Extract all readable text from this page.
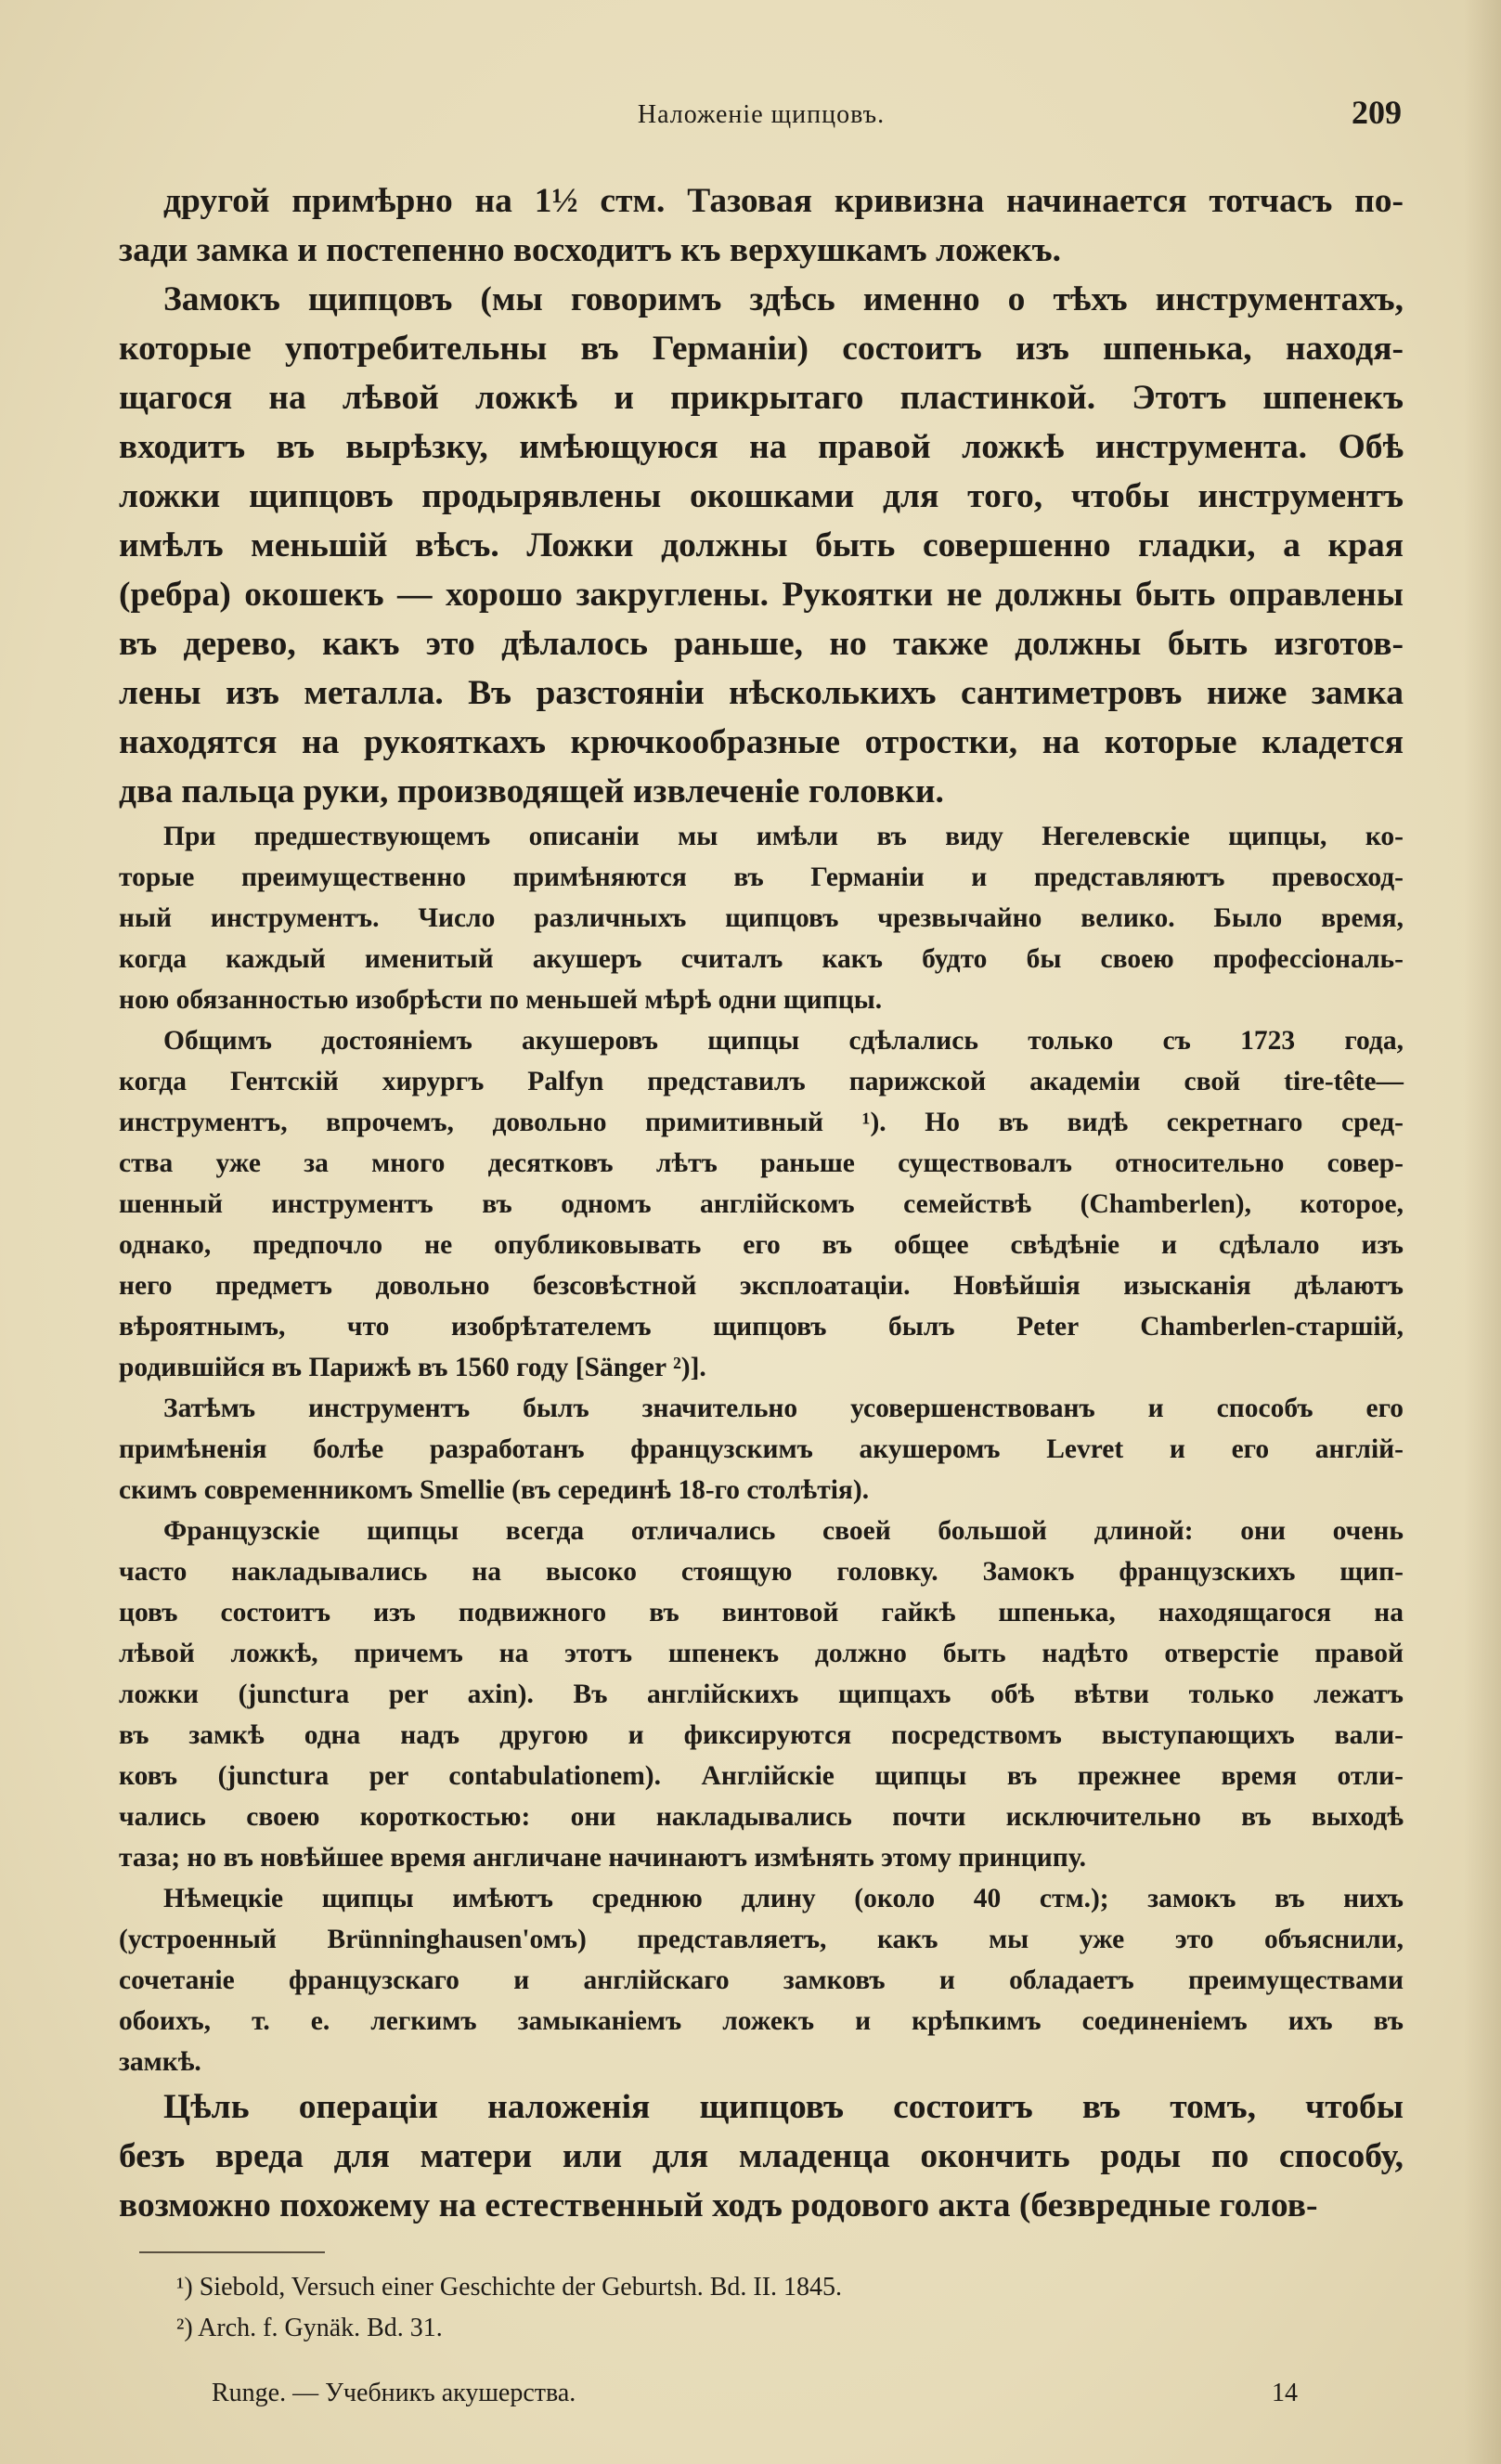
Наложеніе щипцовъ.	209
другой примѣрно на 1½ стм. Тазовая кривизна начинается тотчасъ по-
зади замка и постепенно восходитъ къ верхушкамъ ложекъ.
Замокъ щипцовъ (мы говоримъ здѣсь именно о тѣхъ инструментахъ,
которые употребительны въ Германіи) состоитъ изъ шпенька, находя-
щагося на лѣвой ложкѣ и прикрытаго пластинкой. Этотъ шпенекъ
входитъ въ вырѣзку, имѣющуюся на правой ложкѣ инструмента. Обѣ
ложки щипцовъ продырявлены окошками для того, чтобы инструментъ
имѣлъ меньшій вѣсъ. Ложки должны быть совершенно гладки, а края
(ребра) окошекъ — хорошо закруглены. Рукоятки не должны быть оправлены
въ дерево, какъ это дѣлалось раньше, но также должны быть изготов-
лены изъ металла. Въ разстояніи нѣсколькихъ сантиметровъ ниже замка
находятся на рукояткахъ крючкообразные отростки, на которые кладется
два пальца руки, производящей извлеченіе головки.
При предшествующемъ описаніи мы имѣли въ виду Негелевскіе щипцы, ко-
торые преимущественно примѣняются въ Германіи и представляютъ превосход-
ный инструментъ. Число различныхъ щипцовъ чрезвычайно велико. Было время,
когда каждый именитый акушеръ считалъ какъ будто бы своею профессіональ-
ною обязанностью изобрѣсти по меньшей мѣрѣ одни щипцы.
Общимъ достояніемъ акушеровъ щипцы сдѣлались только съ 1723 года,
когда Гентскій хирургъ Palfyn представилъ парижской академіи свой tire-tête—
инструментъ, впрочемъ, довольно примитивный ¹). Но въ видѣ секретнаго сред-
ства уже за много десятковъ лѣтъ раньше существовалъ относительно совер-
шенный инструментъ въ одномъ англійскомъ семействѣ (Chamberlen), которое,
однако, предпочло не опубликовывать его въ общее свѣдѣніе и сдѣлало изъ
него предметъ довольно безсовѣстной эксплоатаціи. Новѣйшія изысканія дѣлаютъ
вѣроятнымъ, что изобрѣтателемъ щипцовъ былъ Peter Chamberlen-старшій,
родившійся въ Парижѣ въ 1560 году [Sänger ²)].
Затѣмъ инструментъ былъ значительно усовершенствованъ и способъ его
примѣненія болѣе разработанъ французскимъ акушеромъ Levret и его англій-
скимъ современникомъ Smellie (въ серединѣ 18-го столѣтія).
Французскіе щипцы всегда отличались своей большой длиной: они очень
часто накладывались на высоко стоящую головку. Замокъ французскихъ щип-
цовъ состоитъ изъ подвижного въ винтовой гайкѣ шпенька, находящагося на
лѣвой ложкѣ, причемъ на этотъ шпенекъ должно быть надѣто отверстіе правой
ложки (junctura per axin). Въ англійскихъ щипцахъ обѣ вѣтви только лежатъ
въ замкѣ одна надъ другою и фиксируются посредствомъ выступающихъ вали-
ковъ (junctura per contabulationem). Англійскіе щипцы въ прежнее время отли-
чались своею короткостью: они накладывались почти исключительно въ выходѣ
таза; но въ новѣйшее время англичане начинаютъ измѣнять этому принципу.
Нѣмецкіе щипцы имѣютъ среднюю длину (около 40 стм.); замокъ въ нихъ
(устроенный Brünninghausen'омъ) представляетъ, какъ мы уже это объяснили,
сочетаніе французскаго и англійскаго замковъ и обладаетъ преимуществами
обоихъ, т. е. легкимъ замыканіемъ ложекъ и крѣпкимъ соединеніемъ ихъ въ
замкѣ.
Цѣль операціи наложенія щипцовъ состоитъ въ томъ, чтобы
безъ вреда для матери или для младенца окончить роды по способу,
возможно похожему на естественный ходъ родового акта (безвредные голов-
¹) Siebold, Versuch einer Geschichte der Geburtsh. Bd. II. 1845.
²) Arch. f. Gynäk. Bd. 31.
Runge. — Учебникъ акушерства.	14
